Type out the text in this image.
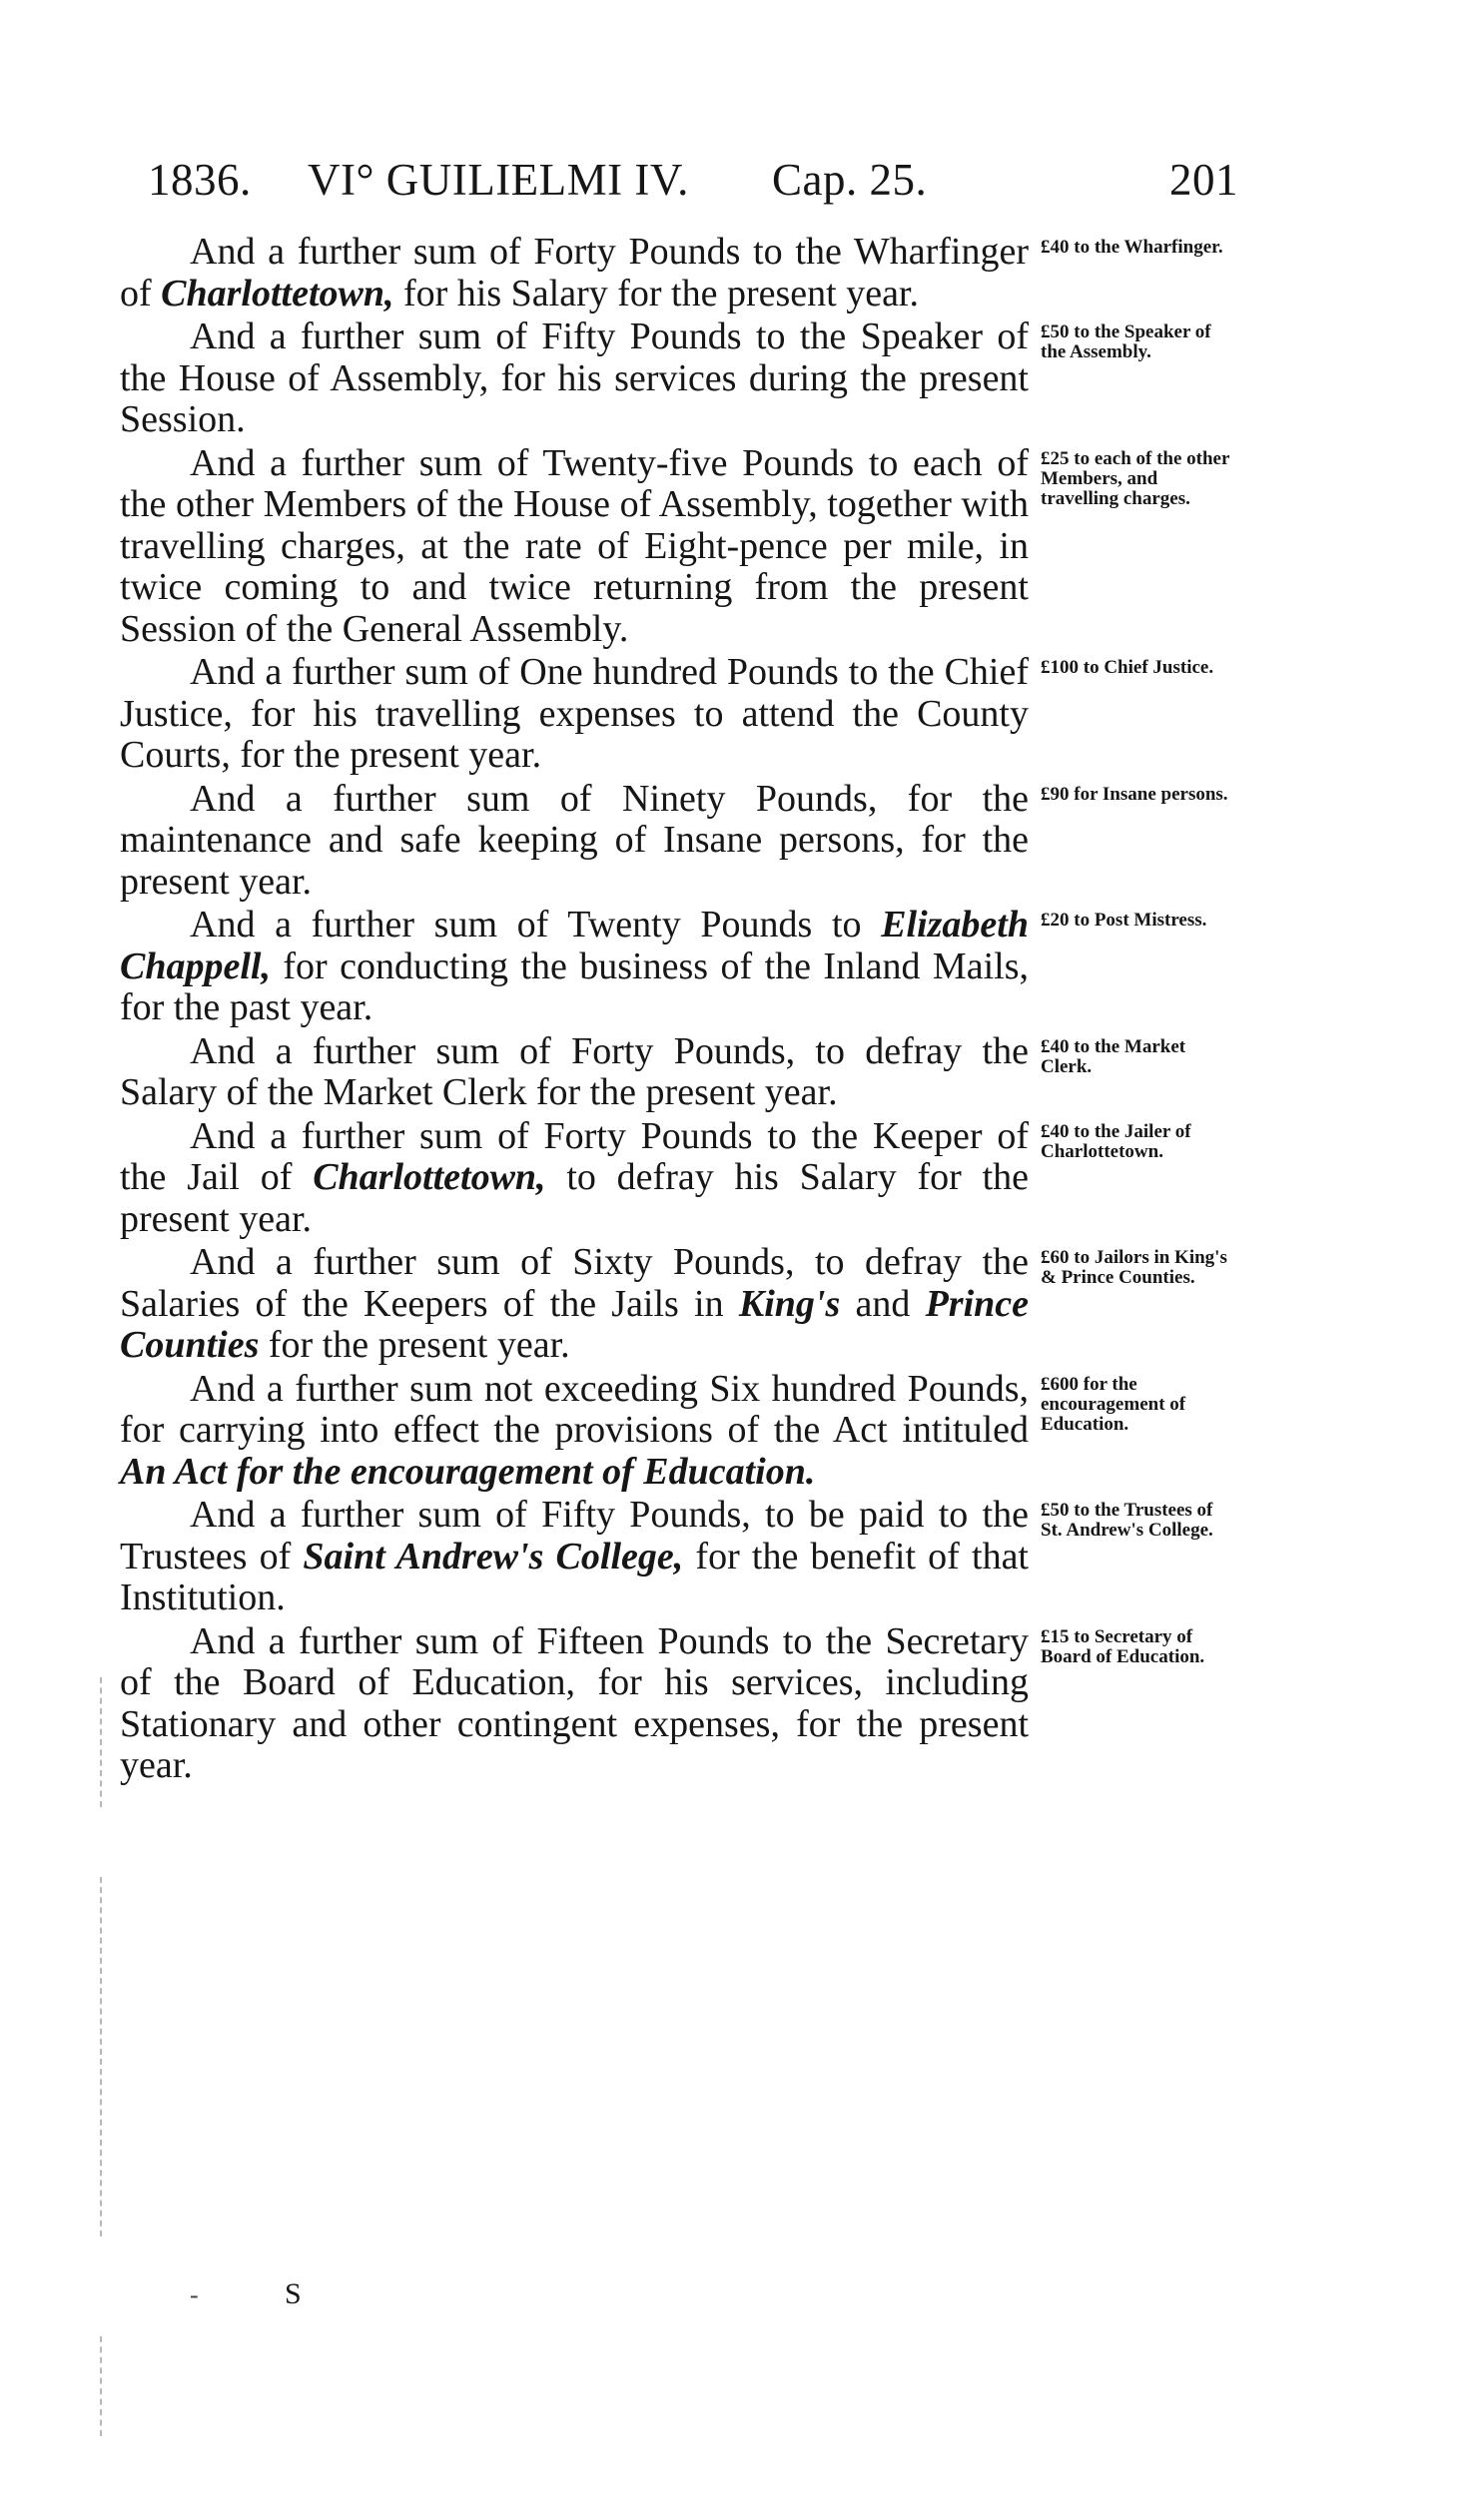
1836. VI° GUILIELMI IV. Cap. 25.	201

And a further sum of Forty Pounds to the Wharfinger of Charlottetown, for his Salary for the present year.

And a further sum of Fifty Pounds to the Speaker of the House of Assembly, for his services during the present Session.

And a further sum of Twenty-five Pounds to each of the other Members of the House of Assembly, together with travelling charges, at the rate of Eight-pence per mile, in twice coming to and twice returning from the present Session of the General Assembly.

And a further sum of One hundred Pounds to the Chief Justice, for his travelling expenses to attend the County Courts, for the present year.

And a further sum of Ninety Pounds, for the maintenance and safe keeping of Insane persons, for the present year.

And a further sum of Twenty Pounds to Elizabeth Chappell, for conducting the business of the Inland Mails, for the past year.

And a further sum of Forty Pounds, to defray the Salary of the Market Clerk for the present year.

And a further sum of Forty Pounds to the Keeper of the Jail of Charlottetown, to defray his Salary for the present year.

And a further sum of Sixty Pounds, to defray the Salaries of the Keepers of the Jails in King's and Prince Counties for the present year.

And a further sum not exceeding Six hundred Pounds, for carrying into effect the provisions of the Act intituled An Act for the encouragement of Education.

And a further sum of Fifty Pounds, to be paid to the Trustees of Saint Andrew's College, for the benefit of that Institution.

And a further sum of Fifteen Pounds to the Secretary of the Board of Education, for his services, including Stationary and other contingent expenses, for the present year.

£40 to the Wharfinger.
£50 to the Speaker of the Assembly.
£25 to each of the other Members, and travelling charges.
£100 to Chief Justice.
£90 for Insane persons.
£20 to Post Mistress.
£40 to the Market Clerk.
£40 to the Jailer of Charlottetown.
£60 to Jailors in King's & Prince Counties.
£600 for the encouragement of Education.
£50 to the Trustees of St. Andrew's College.
£15 to Secretary of Board of Education.
-	S
